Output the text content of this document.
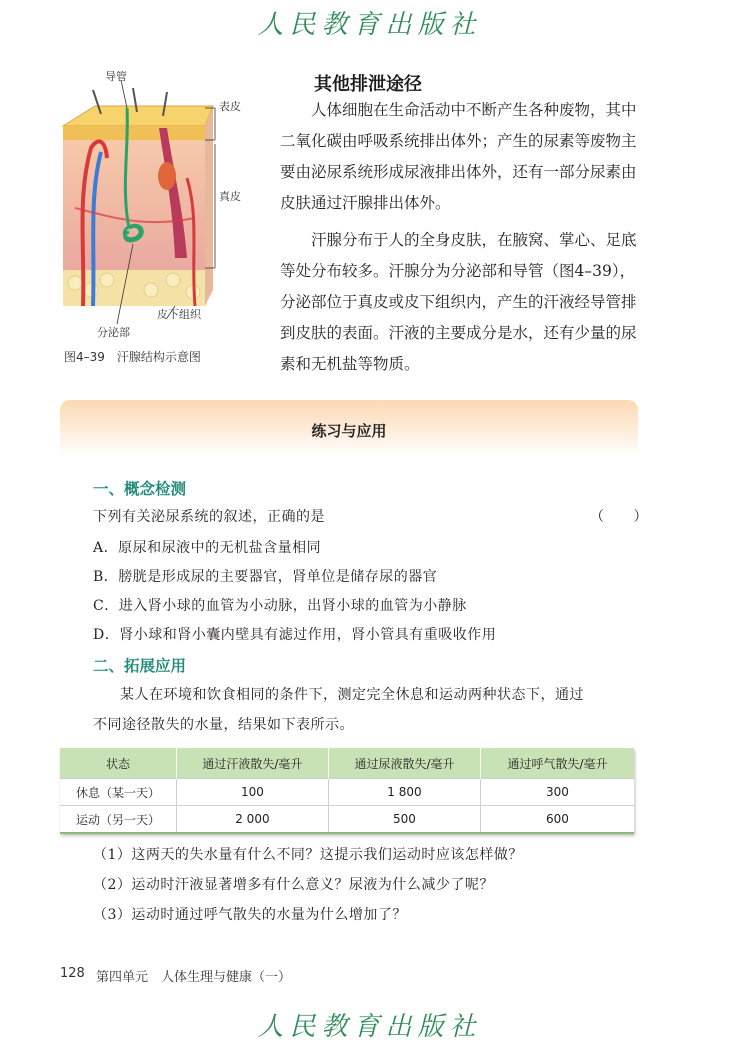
人民教育出版社
导管
表皮
真皮
皮下组织
分泌部
图4–39　汗腺结构示意图
其他排泄途径

人体细胞在生命活动中不断产生各种废物，其中二氧化碳由呼吸系统排出体外；产生的尿素等废物主要由泌尿系统形成尿液排出体外，还有一部分尿素由皮肤通过汗腺排出体外。

汗腺分布于人的全身皮肤，在腋窝、掌心、足底等处分布较多。汗腺分为分泌部和导管（图4–39），分泌部位于真皮或皮下组织内，产生的汗液经导管排到皮肤的表面。汗液的主要成分是水，还有少量的尿素和无机盐等物质。

练习与应用
一、概念检测
下列有关泌尿系统的叙述，正确的是	（　　）
A．原尿和尿液中的无机盐含量相同
B．膀胱是形成尿的主要器官，肾单位是储存尿的器官
C．进入肾小球的血管为小动脉，出肾小球的血管为小静脉
D．肾小球和肾小囊内壁具有滤过作用，肾小管具有重吸收作用
二、拓展应用
某人在环境和饮食相同的条件下，测定完全休息和运动两种状态下，通过
不同途径散失的水量，结果如下表所示。
状态	通过汗液散失/毫升	通过尿液散失/毫升	通过呼气散失/毫升
休息（某一天）	100	1 800	300
运动（另一天）	2 000	500	600
（1）这两天的失水量有什么不同？这提示我们运动时应该怎样做？
（2）运动时汗液显著增多有什么意义？尿液为什么减少了呢？
（3）运动时通过呼气散失的水量为什么增加了？
128 第四单元　人体生理与健康（一）
人民教育出版社
